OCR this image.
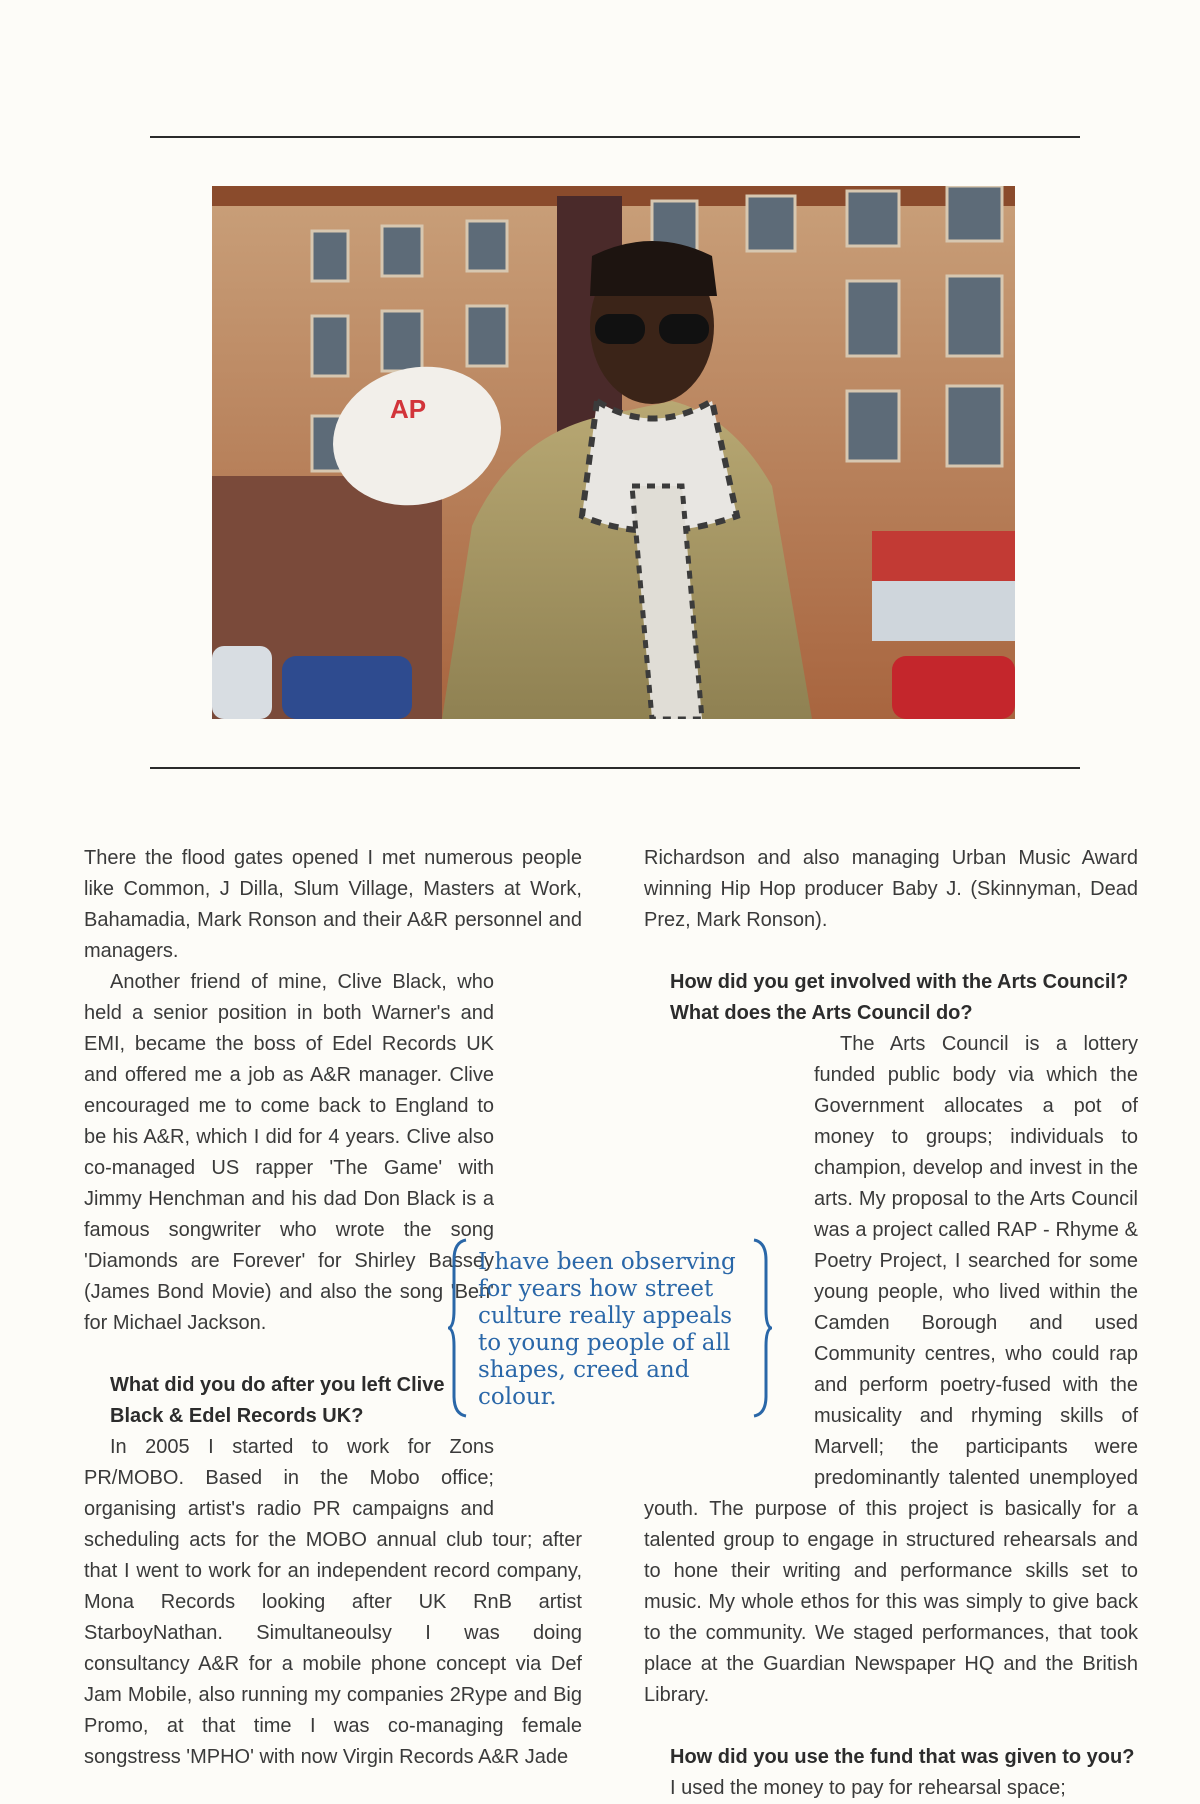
AP

There the flood gates opened I met numerous people like Common, J Dilla, Slum Village, Masters at Work, Bahamadia, Mark Ronson and their A&R personnel and managers.

Another friend of mine, Clive Black, who held a senior position in both Warner's and EMI, became the boss of Edel Records UK and offered me a job as A&R manager. Clive encouraged me to come back to England to be his A&R, which I did for 4 years. Clive also co-managed US rapper 'The Game' with Jimmy Henchman and his dad Don Black is a famous songwriter who wrote the song 'Diamonds are Forever' for Shirley Bassey (James Bond Movie) and also the song 'Ben' for Michael Jackson.

What did you do after you left Clive Black & Edel Records UK?

In 2005 I started to work for Zons PR/MOBO. Based in the Mobo office; organising artist's radio PR campaigns and scheduling acts for the MOBO annual club tour; after that I went to work for an independent record company, Mona Records looking after UK RnB artist StarboyNathan. Simultaneoulsy I was doing consultancy A&R for a mobile phone concept via Def Jam Mobile, also running my companies 2Rype and Big Promo, at that time I was co-managing female songstress 'MPHO' with now Virgin Records A&R Jade

Richardson and also managing Urban Music Award winning Hip Hop producer Baby J. (Skinnyman, Dead Prez, Mark Ronson).

How did you get involved with the Arts Council? What does the Arts Council do?

The Arts Council is a lottery funded public body via which the Government allocates a pot of money to groups; individuals to champion, develop and invest in the arts. My proposal to the Arts Council was a project called RAP - Rhyme & Poetry Project, I searched for some young people, who lived within the Camden Borough and used Community centres, who could rap and perform poetry-fused with the musicality and rhyming skills of Marvell; the participants were predominantly talented unemployed youth. The purpose of this project is basically for a talented group to engage in structured rehearsals and to hone their writing and performance skills set to music. My whole ethos for this was simply to give back to the community. We staged performances, that took place at the Guardian Newspaper HQ and the British Library.

How did you use the fund that was given to you?

I used the money to pay for rehearsal space;

I have been observing for years how street culture really appeals to young people of all shapes, creed and colour.
